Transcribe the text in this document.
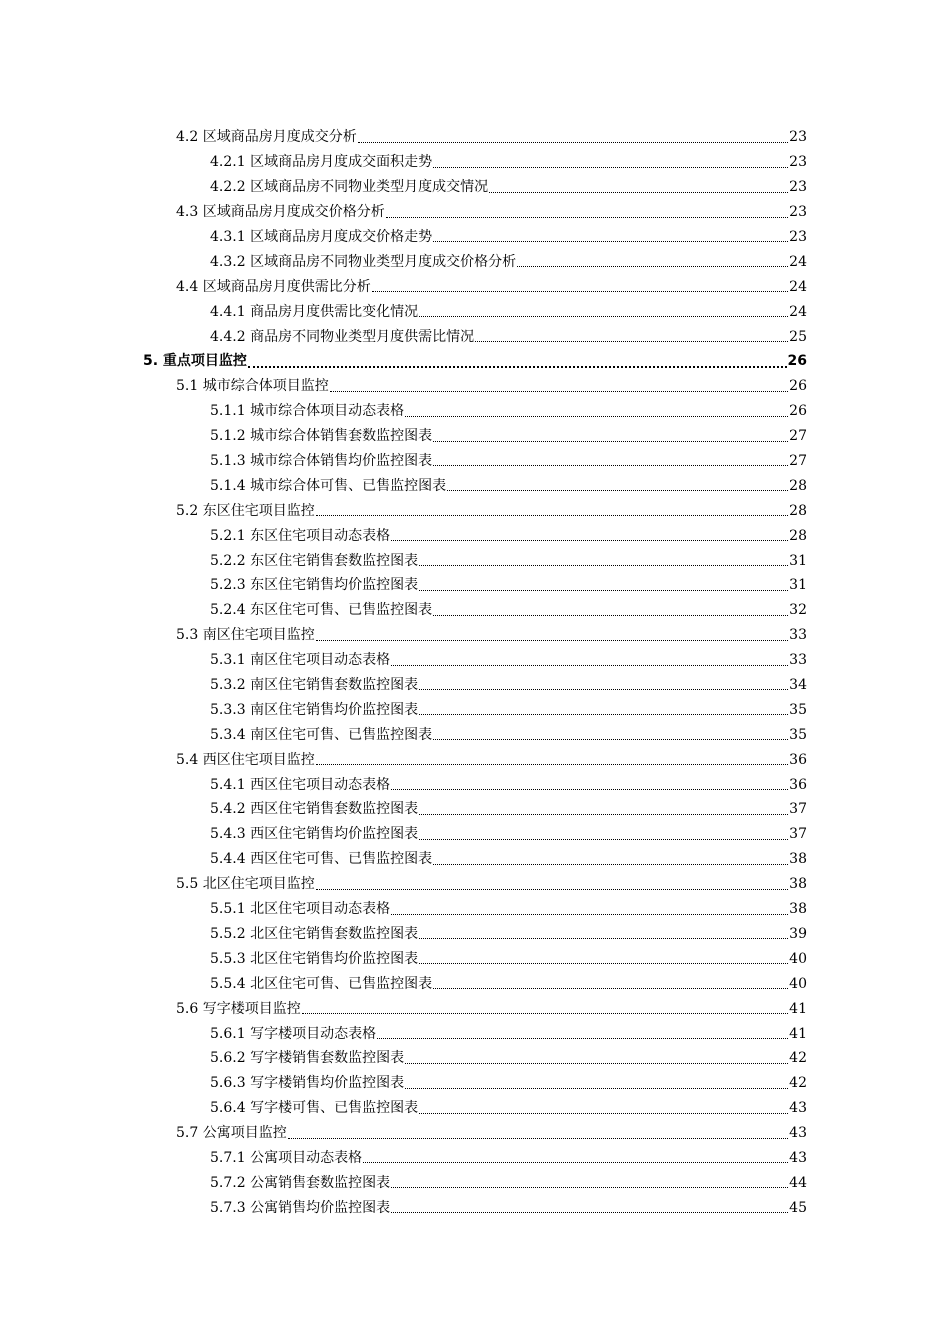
4.2 区域商品房月度成交分析	23
4.2.1 区域商品房月度成交面积走势	23
4.2.2 区域商品房不同物业类型月度成交情况	23
4.3 区域商品房月度成交价格分析	23
4.3.1 区域商品房月度成交价格走势	23
4.3.2 区域商品房不同物业类型月度成交价格分析	24
4.4 区域商品房月度供需比分析	24
4.4.1 商品房月度供需比变化情况	24
4.4.2 商品房不同物业类型月度供需比情况	25
5. 重点项目监控	26
5.1 城市综合体项目监控	26
5.1.1 城市综合体项目动态表格	26
5.1.2 城市综合体销售套数监控图表	27
5.1.3 城市综合体销售均价监控图表	27
5.1.4 城市综合体可售、已售监控图表	28
5.2 东区住宅项目监控	28
5.2.1 东区住宅项目动态表格	28
5.2.2 东区住宅销售套数监控图表	31
5.2.3 东区住宅销售均价监控图表	31
5.2.4 东区住宅可售、已售监控图表	32
5.3 南区住宅项目监控	33
5.3.1 南区住宅项目动态表格	33
5.3.2 南区住宅销售套数监控图表	34
5.3.3 南区住宅销售均价监控图表	35
5.3.4 南区住宅可售、已售监控图表	35
5.4 西区住宅项目监控	36
5.4.1 西区住宅项目动态表格	36
5.4.2 西区住宅销售套数监控图表	37
5.4.3 西区住宅销售均价监控图表	37
5.4.4 西区住宅可售、已售监控图表	38
5.5 北区住宅项目监控	38
5.5.1 北区住宅项目动态表格	38
5.5.2 北区住宅销售套数监控图表	39
5.5.3 北区住宅销售均价监控图表	40
5.5.4 北区住宅可售、已售监控图表	40
5.6 写字楼项目监控	41
5.6.1 写字楼项目动态表格	41
5.6.2 写字楼销售套数监控图表	42
5.6.3 写字楼销售均价监控图表	42
5.6.4 写字楼可售、已售监控图表	43
5.7 公寓项目监控	43
5.7.1 公寓项目动态表格	43
5.7.2 公寓销售套数监控图表	44
5.7.3 公寓销售均价监控图表	45
